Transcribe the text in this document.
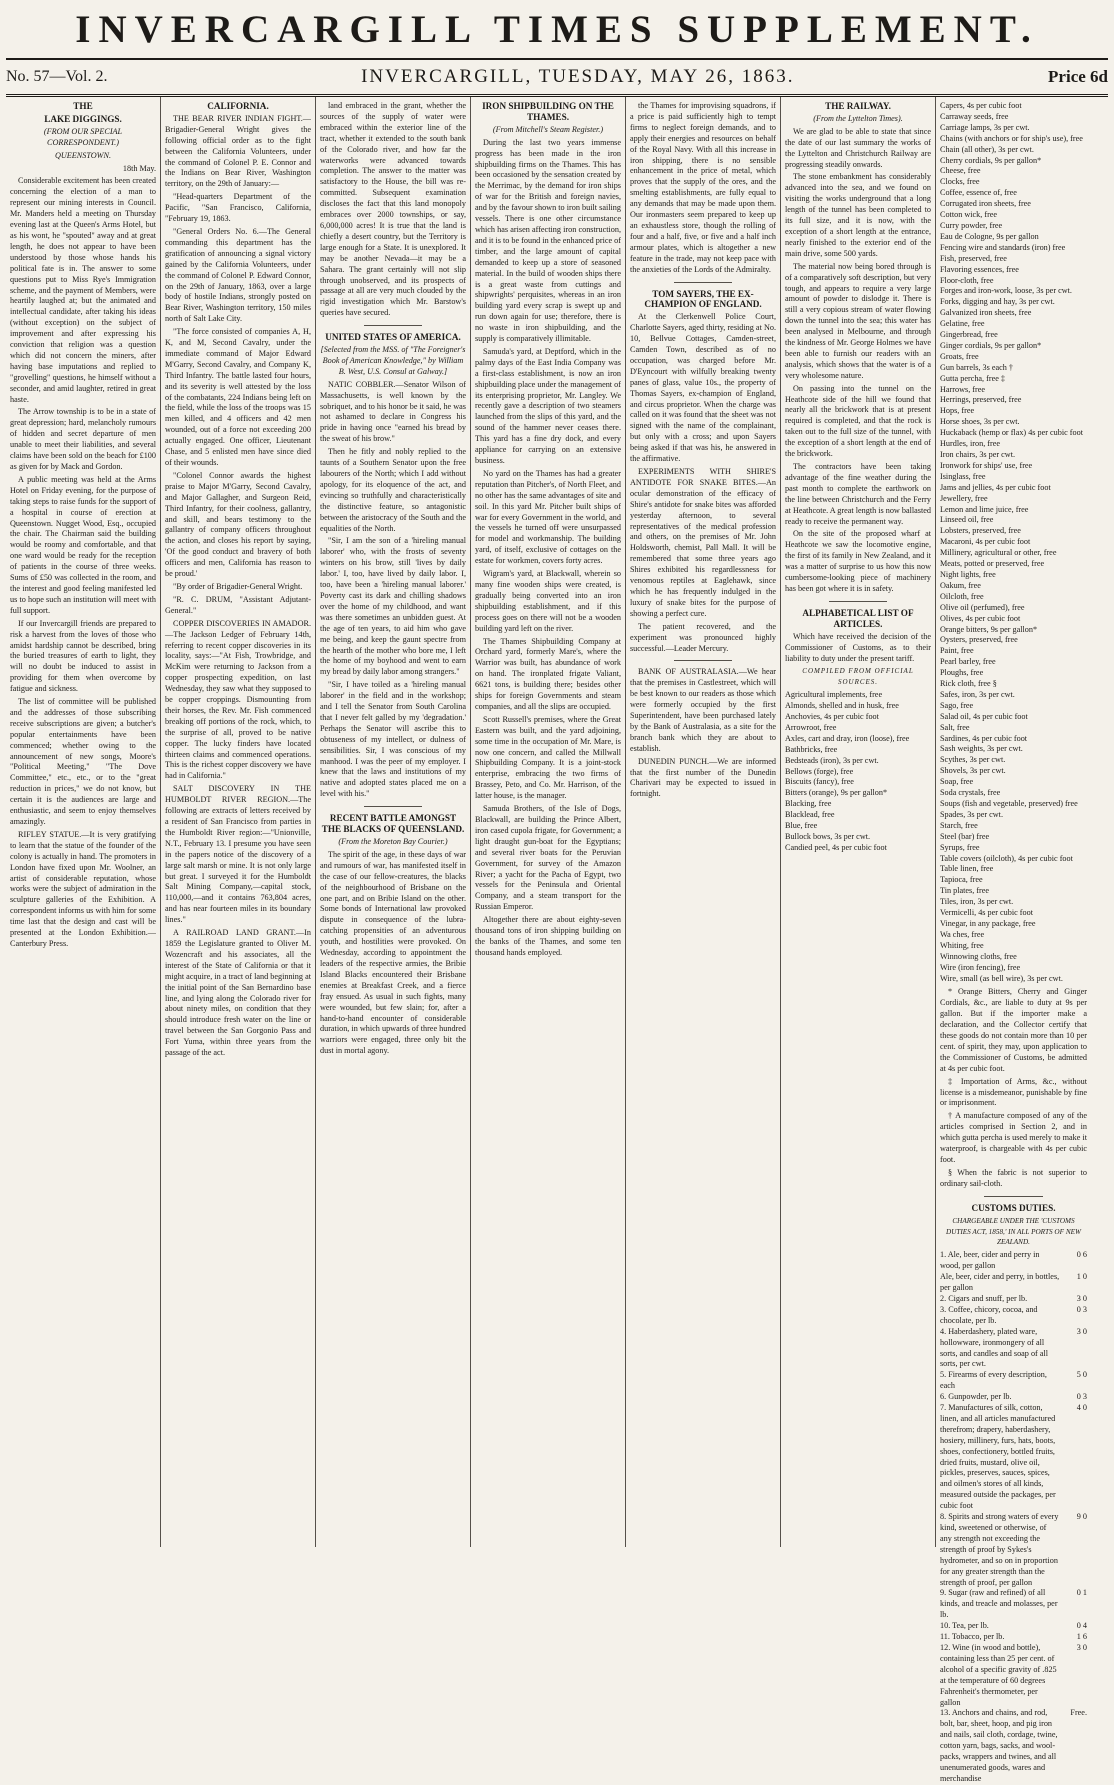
INVERCARGILL TIMES SUPPLEMENT.
No. 57—Vol. 2.	INVERCARGILL, TUESDAY, MAY 26, 1863.	Price 6d

THE

LAKE DIGGINGS.

(FROM OUR SPECIAL CORRESPONDENT.)

QUEENSTOWN.

18th May.

Considerable excitement has been created concerning the election of a man to represent our mining interests in Council. Mr. Manders held a meeting on Thursday evening last at the Queen's Arms Hotel, but as his wont, he "spouted" away and at great length, he does not appear to have been understood by those whose hands his political fate is in. The answer to some questions put to Miss Rye's Immigration scheme, and the payment of Members, were heartily laughed at; but the animated and intellectual candidate, after taking his ideas (without exception) on the subject of improvement and after expressing his conviction that religion was a question which did not concern the miners, after having base imputations and replied to "grovelling" questions, he himself without a seconder, and amid laughter, retired in great haste.

The Arrow township is to be in a state of great depression; hard, melancholy rumours of hidden and secret departure of men unable to meet their liabilities, and several claims have been sold on the beach for £100 as given for by Mack and Gordon.

A public meeting was held at the Arms Hotel on Friday evening, for the purpose of taking steps to raise funds for the support of a hospital in course of erection at Queenstown. Nugget Wood, Esq., occupied the chair. The Chairman said the building would be roomy and comfortable, and that one ward would be ready for the reception of patients in the course of three weeks. Sums of £50 was collected in the room, and the interest and good feeling manifested led us to hope such an institution will meet with full support.

If our Invercargill friends are prepared to risk a harvest from the loves of those who amidst hardship cannot be described, bring the buried treasures of earth to light, they will no doubt be induced to assist in providing for them when overcome by fatigue and sickness.

The list of committee will be published and the addresses of those subscribing receive subscriptions are given; a butcher's popular entertainments have been commenced; whether owing to the announcement of new songs, Moore's "Political Meeting," "The Dove Committee," etc., etc., or to the "great reduction in prices," we do not know, but certain it is the audiences are large and enthusiastic, and seem to enjoy themselves amazingly.

RIFLEY STATUE.—It is very gratifying to learn that the statue of the founder of the colony is actually in hand. The promoters in London have fixed upon Mr. Woolner, an artist of considerable reputation, whose works were the subject of admiration in the sculpture galleries of the Exhibition. A correspondent informs us with him for some time last that the design and cast will be presented at the London Exhibition.—Canterbury Press.

CALIFORNIA.

THE BEAR RIVER INDIAN FIGHT.—Brigadier-General Wright gives the following official order as to the fight between the California Volunteers, under the command of Colonel P. E. Connor and the Indians on Bear River, Washington territory, on the 29th of January:—

"Head-quarters Department of the Pacific, "San Francisco, California, "February 19, 1863.

"General Orders No. 6.—The General commanding this department has the gratification of announcing a signal victory gained by the California Volunteers, under the command of Colonel P. Edward Connor, on the 29th of January, 1863, over a large body of hostile Indians, strongly posted on Bear River, Washington territory, 150 miles north of Salt Lake City.

"The force consisted of companies A, H, K, and M, Second Cavalry, under the immediate command of Major Edward M'Garry, Second Cavalry, and Company K, Third Infantry. The battle lasted four hours, and its severity is well attested by the loss of the combatants, 224 Indians being left on the field, while the loss of the troops was 15 men killed, and 4 officers and 42 men wounded, out of a force not exceeding 200 actually engaged. One officer, Lieutenant Chase, and 5 enlisted men have since died of their wounds.

"Colonel Connor awards the highest praise to Major M'Garry, Second Cavalry, and Major Gallagher, and Surgeon Reid, Third Infantry, for their coolness, gallantry, and skill, and bears testimony to the gallantry of company officers throughout the action, and closes his report by saying, 'Of the good conduct and bravery of both officers and men, California has reason to be proud.'

"By order of Brigadier-General Wright.

"R. C. DRUM, "Assistant Adjutant-General."

COPPER DISCOVERIES IN AMADOR.—The Jackson Ledger of February 14th, referring to recent copper discoveries in its locality, says:—"At Fish, Trowbridge, and McKim were returning to Jackson from a copper prospecting expedition, on last Wednesday, they saw what they supposed to be copper croppings. Dismounting from their horses, the Rev. Mr. Fish commenced breaking off portions of the rock, which, to the surprise of all, proved to be native copper. The lucky finders have located thirteen claims and commenced operations. This is the richest copper discovery we have had in California."

SALT DISCOVERY IN THE HUMBOLDT RIVER REGION.—The following are extracts of letters received by a resident of San Francisco from parties in the Humboldt River region:—"Unionville, N.T., February 13. I presume you have seen in the papers notice of the discovery of a large salt marsh or mine. It is not only large but great. I surveyed it for the Humboldt Salt Mining Company,—capital stock, 110,000,—and it contains 763,804 acres, and has near fourteen miles in its boundary lines."

A RAILROAD LAND GRANT.—In 1859 the Legislature granted to Oliver M. Wozencraft and his associates, all the interest of the State of California or that it might acquire, in a tract of land beginning at the initial point of the San Bernardino base line, and lying along the Colorado river for about ninety miles, on condition that they should introduce fresh water on the line or travel between the San Gorgonio Pass and Fort Yuma, within three years from the passage of the act.

land embraced in the grant, whether the sources of the supply of water were embraced within the exterior line of the tract, whether it extended to the south bank of the Colorado river, and how far the waterworks were advanced towards completion. The answer to the matter was satisfactory to the House, the bill was re-committed. Subsequent examination discloses the fact that this land monopoly embraces over 2000 townships, or say, 6,000,000 acres! It is true that the land is chiefly a desert country, but the Territory is large enough for a State. It is unexplored. It may be another Nevada—it may be a Sahara. The grant certainly will not slip through unobserved, and its prospects of passage at all are very much clouded by the rigid investigation which Mr. Barstow's queries have secured.

UNITED STATES OF AMERICA.

[Selected from the MSS. of "The Foreigner's Book of American Knowledge," by William B. West, U.S. Consul at Galway.]

NATIC COBBLER.—Senator Wilson of Massachusetts, is well known by the sobriquet, and to his honor be it said, he was not ashamed to declare in Congress his pride in having once "earned his bread by the sweat of his brow."

Then he fitly and nobly replied to the taunts of a Southern Senator upon the free labourers of the North; which I add without apology, for its eloquence of the act, and evincing so truthfully and characteristically the distinctive feature, so antagonistic between the aristocracy of the South and the equalities of the North.

"Sir, I am the son of a 'hireling manual laborer' who, with the frosts of seventy winters on his brow, still 'lives by daily labor.' I, too, have lived by daily labor. I, too, have been a 'hireling manual laborer.' Poverty cast its dark and chilling shadows over the home of my childhood, and want was there sometimes an unbidden guest. At the age of ten years, to aid him who gave me being, and keep the gaunt spectre from the hearth of the mother who bore me, I left the home of my boyhood and went to earn my bread by daily labor among strangers."

"Sir, I have toiled as a 'hireling manual laborer' in the field and in the workshop; and I tell the Senator from South Carolina that I never felt galled by my 'degradation.' Perhaps the Senator will ascribe this to obtuseness of my intellect, or dulness of sensibilities. Sir, I was conscious of my manhood. I was the peer of my employer. I knew that the laws and institutions of my native and adopted states placed me on a level with his."

RECENT BATTLE AMONGST THE BLACKS OF QUEENSLAND.

(From the Moreton Bay Courier.)

The spirit of the age, in these days of war and rumours of war, has manifested itself in the case of our fellow-creatures, the blacks of the neighbourhood of Brisbane on the one part, and on Bribie Island on the other. Some bonds of International law provoked dispute in consequence of the lubra-catching propensities of an adventurous youth, and hostilities were provoked. On Wednesday, according to appointment the leaders of the respective armies, the Bribie Island Blacks encountered their Brisbane enemies at Breakfast Creek, and a fierce fray ensued. As usual in such fights, many were wounded, but few slain; for, after a hand-to-hand encounter of considerable duration, in which upwards of three hundred warriors were engaged, three only bit the dust in mortal agony.

IRON SHIPBUILDING ON THE THAMES.

(From Mitchell's Steam Register.)

During the last two years immense progress has been made in the iron shipbuilding firms on the Thames. This has been occasioned by the sensation created by the Merrimac, by the demand for iron ships of war for the British and foreign navies, and by the favour shown to iron built sailing vessels. There is one other circumstance which has arisen affecting iron construction, and it is to be found in the enhanced price of timber, and the large amount of capital demanded to keep up a store of seasoned material. In the build of wooden ships there is a great waste from cuttings and shipwrights' perquisites, whereas in an iron building yard every scrap is swept up and run down again for use; therefore, there is no waste in iron shipbuilding, and the supply is comparatively illimitable.

Samuda's yard, at Deptford, which in the palmy days of the East India Company was a first-class establishment, is now an iron shipbuilding place under the management of its enterprising proprietor, Mr. Langley. We recently gave a description of two steamers launched from the slips of this yard, and the sound of the hammer never ceases there. This yard has a fine dry dock, and every appliance for carrying on an extensive business.

No yard on the Thames has had a greater reputation than Pitcher's, of North Fleet, and no other has the same advantages of site and soil. In this yard Mr. Pitcher built ships of war for every Government in the world, and the vessels he turned off were unsurpassed for model and workmanship. The building yard, of itself, exclusive of cottages on the estate for workmen, covers forty acres.

Wigram's yard, at Blackwall, wherein so many fine wooden ships were created, is gradually being converted into an iron shipbuilding establishment, and if this process goes on there will not be a wooden building yard left on the river.

The Thames Shipbuilding Company at Orchard yard, formerly Mare's, where the Warrior was built, has abundance of work on hand. The ironplated frigate Valiant, 6621 tons, is building there; besides other ships for foreign Governments and steam companies, and all the slips are occupied.

Scott Russell's premises, where the Great Eastern was built, and the yard adjoining, some time in the occupation of Mr. Mare, is now one concern, and called the Millwall Shipbuilding Company. It is a joint-stock enterprise, embracing the two firms of Brassey, Peto, and Co. Mr. Harrison, of the latter house, is the manager.

Samuda Brothers, of the Isle of Dogs, Blackwall, are building the Prince Albert, iron cased cupola frigate, for Government; a light draught gun-boat for the Egyptians; and several river boats for the Peruvian Government, for survey of the Amazon River; a yacht for the Pacha of Egypt, two vessels for the Peninsula and Oriental Company, and a steam transport for the Russian Emperor.

Altogether there are about eighty-seven thousand tons of iron shipping building on the banks of the Thames, and some ten thousand hands employed.

the Thames for improvising squadrons, if a price is paid sufficiently high to tempt firms to neglect foreign demands, and to apply their energies and resources on behalf of the Royal Navy. With all this increase in iron shipping, there is no sensible enhancement in the price of metal, which proves that the supply of the ores, and the smelting establishments, are fully equal to any demands that may be made upon them. Our ironmasters seem prepared to keep up an exhaustless store, though the rolling of four and a half, five, or five and a half inch armour plates, which is altogether a new feature in the trade, may not keep pace with the anxieties of the Lords of the Admiralty.

TOM SAYERS, THE EX-CHAMPION OF ENGLAND.

At the Clerkenwell Police Court, Charlotte Sayers, aged thirty, residing at No. 10, Bellvue Cottages, Camden-street, Camden Town, described as of no occupation, was charged before Mr. D'Eyncourt with wilfully breaking twenty panes of glass, value 10s., the property of Thomas Sayers, ex-champion of England, and circus proprietor. When the charge was called on it was found that the sheet was not signed with the name of the complainant, but only with a cross; and upon Sayers being asked if that was his, he answered in the affirmative.

EXPERIMENTS WITH SHIRE'S ANTIDOTE FOR SNAKE BITES.—An ocular demonstration of the efficacy of Shire's antidote for snake bites was afforded yesterday afternoon, to several representatives of the medical profession and others, on the premises of Mr. John Holdsworth, chemist, Pall Mall. It will be remembered that some three years ago Shires exhibited his regardlessness for venomous reptiles at Eaglehawk, since which he has frequently indulged in the luxury of snake bites for the purpose of showing a perfect cure.

The patient recovered, and the experiment was pronounced highly successful.—Leader Mercury.

BANK OF AUSTRALASIA.—We hear that the premises in Castlestreet, which will be best known to our readers as those which were formerly occupied by the first Superintendent, have been purchased lately by the Bank of Australasia, as a site for the branch bank which they are about to establish.

DUNEDIN PUNCH.—We are informed that the first number of the Dunedin Charivari may be expected to issued in fortnight.

THE RAILWAY.

(From the Lyttelton Times).

We are glad to be able to state that since the date of our last summary the works of the Lyttelton and Christchurch Railway are progressing steadily onwards.

The stone embankment has considerably advanced into the sea, and we found on visiting the works underground that a long length of the tunnel has been completed to its full size, and it is now, with the exception of a short length at the entrance, nearly finished to the exterior end of the main drive, some 500 yards.

The material now being bored through is of a comparatively soft description, but very tough, and appears to require a very large amount of powder to dislodge it. There is still a very copious stream of water flowing down the tunnel into the sea; this water has been analysed in Melbourne, and through the kindness of Mr. George Holmes we have been able to furnish our readers with an analysis, which shows that the water is of a very wholesome nature.

On passing into the tunnel on the Heathcote side of the hill we found that nearly all the brickwork that is at present required is completed, and that the rock is taken out to the full size of the tunnel, with the exception of a short length at the end of the brickwork.

The contractors have been taking advantage of the fine weather during the past month to complete the earthwork on the line between Christchurch and the Ferry at Heathcote. A great length is now ballasted ready to receive the permanent way.

On the site of the proposed wharf at Heathcote we saw the locomotive engine, the first of its family in New Zealand, and it was a matter of surprise to us how this now cumbersome-looking piece of machinery has been got where it is in safety.

ALPHABETICAL LIST OF ARTICLES.

Which have received the decision of the Commissioner of Customs, as to their liability to duty under the present tariff.

COMPILED FROM OFFICIAL SOURCES.

Agricultural implements, free

Almonds, shelled and in husk, free

Anchovies, 4s per cubic foot

Arrowroot, free

Axles, cart and dray, iron (loose), free

Bathbricks, free

Bedsteads (iron), 3s per cwt.

Bellows (forge), free

Biscuits (fancy), free

Bitters (orange), 9s per gallon*

Blacking, free

Blacklead, free

Blue, free

Bullock bows, 3s per cwt.

Candied peel, 4s per cubic foot

Capers, 4s per cubic foot

Carraway seeds, free

Carriage lamps, 3s per cwt.

Chains (with anchors or for ship's use), free

Chain (all other), 3s per cwt.

Cherry cordials, 9s per gallon*

Cheese, free

Clocks, free

Coffee, essence of, free

Corrugated iron sheets, free

Cotton wick, free

Curry powder, free

Eau de Cologne, 9s per gallon

Fencing wire and standards (iron) free

Fish, preserved, free

Flavoring essences, free

Floor-cloth, free

Forges and iron-work, loose, 3s per cwt.

Forks, digging and hay, 3s per cwt.

Galvanized iron sheets, free

Gelatine, free

Gingerbread, free

Ginger cordials, 9s per gallon*

Groats, free

Gun barrels, 3s each †

Gutta percha, free ‡

Harrows, free

Herrings, preserved, free

Hops, free

Horse shoes, 3s per cwt.

Huckaback (hemp or flax) 4s per cubic foot

Hurdles, iron, free

Iron chairs, 3s per cwt.

Ironwork for ships' use, free

Isinglass, free

Jams and jellies, 4s per cubic foot

Jewellery, free

Lemon and lime juice, free

Linseed oil, free

Lobsters, preserved, free

Macaroni, 4s per cubic foot

Millinery, agricultural or other, free

Meats, potted or preserved, free

Night lights, free

Oakum, free

Oilcloth, free

Olive oil (perfumed), free

Olives, 4s per cubic foot

Orange bitters, 9s per gallon*

Oysters, preserved, free

Paint, free

Pearl barley, free

Ploughs, free

Rick cloth, free §

Safes, iron, 3s per cwt.

Sago, free

Salad oil, 4s per cubic foot

Salt, free

Sardines, 4s per cubic foot

Sash weights, 3s per cwt.

Scythes, 3s per cwt.

Shovels, 3s per cwt.

Soap, free

Soda crystals, free

Soups (fish and vegetable, preserved) free

Spades, 3s per cwt.

Starch, free

Steel (bar) free

Syrups, free

Table covers (oilcloth), 4s per cubic foot

Table linen, free

Tapioca, free

Tin plates, free

Tiles, iron, 3s per cwt.

Vermicelli, 4s per cubic foot

Vinegar, in any package, free

Wa ches, free

Whiting, free

Winnowing cloths, free

Wire (iron fencing), free

Wire, small (as bell wire), 3s per cwt.

* Orange Bitters, Cherry and Ginger Cordials, &c., are liable to duty at 9s per gallon. But if the importer make a declaration, and the Collector certify that these goods do not contain more than 10 per cent. of spirit, they may, upon application to the Commissioner of Customs, be admitted at 4s per cubic foot.

‡ Importation of Arms, &c., without license is a misdemeanor, punishable by fine or imprisonment.

† A manufacture composed of any of the articles comprised in Section 2, and in which gutta percha is used merely to make it waterproof, is chargeable with 4s per cubic foot.

§ When the fabric is not superior to ordinary sail-cloth.

CUSTOMS DUTIES.

CHARGEABLE UNDER THE 'CUSTOMS DUTIES ACT, 1858,' IN ALL PORTS OF NEW ZEALAND.

1. Ale, beer, cider and perry in wood, per gallon
0 6
Ale, beer, cider and perry, in bottles, per gallon
1 0
2. Cigars and snuff, per lb.	3 0
3. Coffee, chicory, cocoa, and chocolate, per lb.
0 3
4. Haberdashery, plated ware, hollowware, ironmongery of all sorts, and candles and soap of all sorts, per cwt.
3 0
5. Firearms of every description, each
5 0
6. Gunpowder, per lb.	0 3
7. Manufactures of silk, cotton, linen, and all articles manufactured therefrom; drapery, haberdashery, hosiery, millinery, furs, hats, boots, shoes, confectionery, bottled fruits, dried fruits, mustard, olive oil, pickles, preserves, sauces, spices, and oilmen's stores of all kinds, measured outside the packages, per cubic foot
4 0
8. Spirits and strong waters of every kind, sweetened or otherwise, of any strength not exceeding the strength of proof by Sykes's hydrometer, and so on in proportion for any greater strength than the strength of proof, per gallon
9 0
9. Sugar (raw and refined) of all kinds, and treacle and molasses, per lb.
0 1
10. Tea, per lb.	0 4
11. Tobacco, per lb.	1 6
12. Wine (in wood and bottle), containing less than 25 per cent. of alcohol of a specific gravity of .825 at the temperature of 60 degrees Fahrenheit's thermometer, per gallon
3 0
13. Anchors and chains, and rod, bolt, bar, sheet, hoop, and pig iron and nails, sail cloth, cordage, twine, cotton yarn, bags, sacks, and wool-packs, wrappers and twines, and all unenumerated goods, wares and merchandise
Free.
